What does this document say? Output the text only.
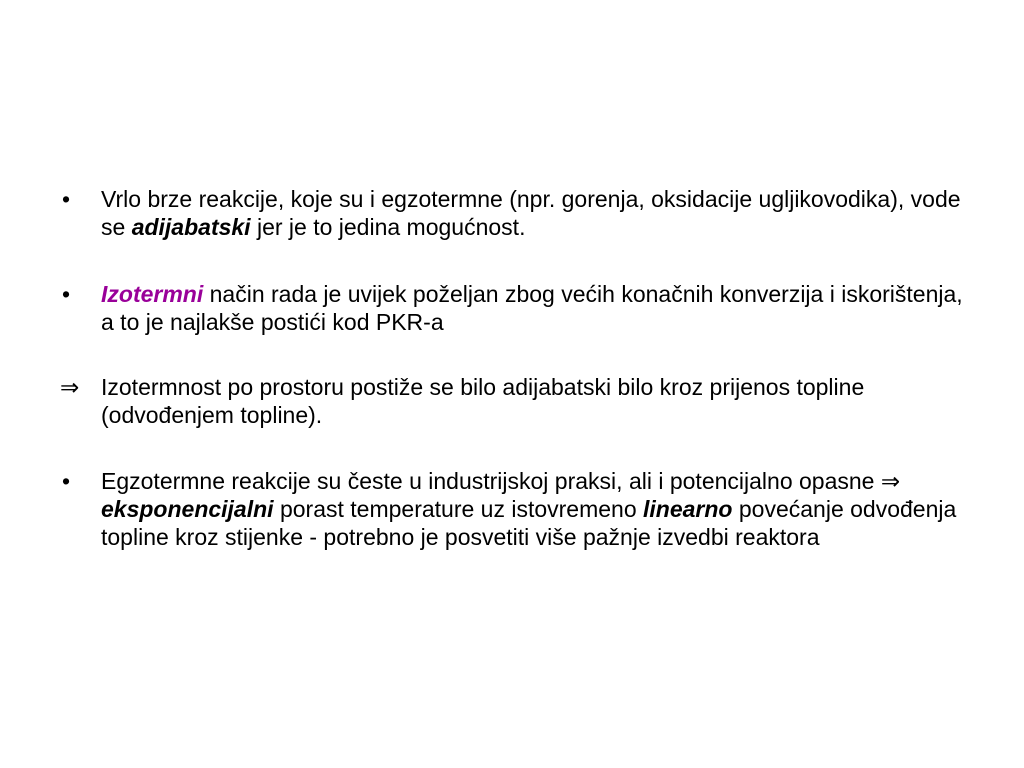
•	Vrlo brze reakcije, koje su i egzotermne (npr. gorenja, oksidacije ugljikovodika), vode se adijabatski jer je to jedina mogućnost.
•	Izotermni način rada je uvijek poželjan zbog većih konačnih konverzija i iskorištenja, a to je najlakše postići kod PKR-a
⇒ Izotermnost po prostoru postiže se bilo adijabatski bilo kroz prijenos topline (odvođenjem topline).
•	Egzotermne reakcije su česte u industrijskoj praksi, ali i potencijalno opasne ⇒ eksponencijalni porast temperature uz istovremeno linearno povećanje odvođenja topline kroz stijenke - potrebno je posvetiti više pažnje izvedbi reaktora
